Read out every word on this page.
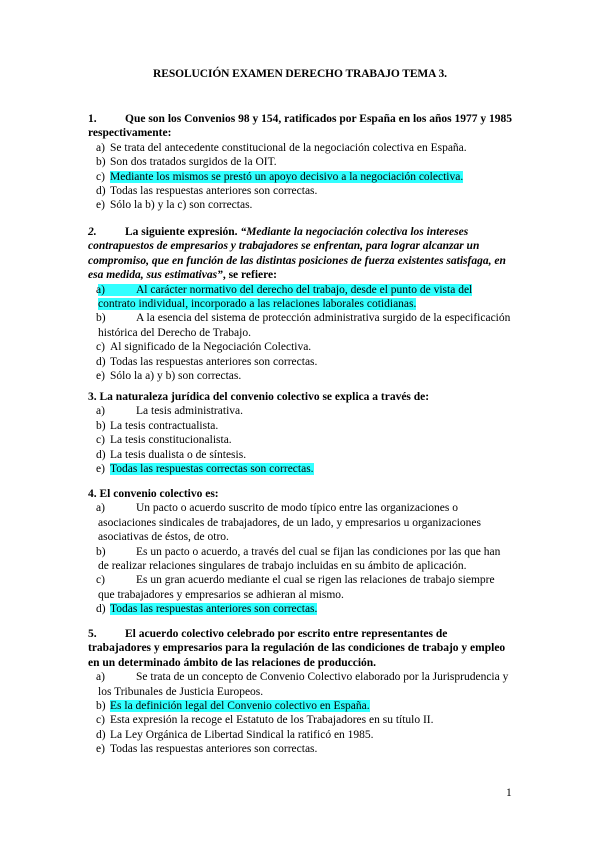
RESOLUCIÓN EXAMEN DERECHO TRABAJO TEMA 3.
1. Que son los Convenios 98 y 154, ratificados por España en los años 1977 y 1985 respectivamente:
a) Se trata del antecedente constitucional de la negociación colectiva en España.
b) Son dos tratados surgidos de la OIT.
c) Mediante los mismos se prestó un apoyo decisivo a la negociación colectiva.
d) Todas las respuestas anteriores son correctas.
e) Sólo la b) y la c) son correctas.
2. La siguiente expresión. “Mediante la negociación colectiva los intereses contrapuestos de empresarios y trabajadores se enfrentan, para lograr alcanzar un compromiso, que en función de las distintas posiciones de fuerza existentes satisfaga, en esa medida, sus estimativas”, se refiere:
a)	Al carácter normativo del derecho del trabajo, desde el punto de vista del contrato individual, incorporado a las relaciones laborales cotidianas.
b)	A la esencia del sistema de protección administrativa surgido de la especificación histórica del Derecho de Trabajo.
c) Al significado de la Negociación Colectiva.
d) Todas las respuestas anteriores son correctas.
e) Sólo la a) y b) son correctas.
3. La naturaleza jurídica del convenio colectivo se explica a través de:
a)	La tesis administrativa.
b) La tesis contractualista.
c) La tesis constitucionalista.
d) La tesis dualista o de síntesis.
e) Todas las respuestas correctas son correctas.
4. El convenio colectivo es:
a)	Un pacto o acuerdo suscrito de modo típico entre las organizaciones o asociaciones sindicales de trabajadores, de un lado, y empresarios u organizaciones asociativas de éstos, de otro.
b)	Es un pacto o acuerdo, a través del cual se fijan las condiciones por las que han de realizar relaciones singulares de trabajo incluidas en su ámbito de aplicación.
c)	Es un gran acuerdo mediante el cual se rigen las relaciones de trabajo siempre que trabajadores y empresarios se adhieran al mismo.
d) Todas las respuestas anteriores son correctas.
5. El acuerdo colectivo celebrado por escrito entre representantes de trabajadores y empresarios para la regulación de las condiciones de trabajo y empleo en un determinado ámbito de las relaciones de producción.
a)	Se trata de un concepto de Convenio Colectivo elaborado por la Jurisprudencia y los Tribunales de Justicia Europeos.
b) Es la definición legal del Convenio colectivo en España.
c) Esta expresión la recoge el Estatuto de los Trabajadores en su título II.
d) La Ley Orgánica de Libertad Sindical la ratificó en 1985.
e) Todas las respuestas anteriores son correctas.
1
